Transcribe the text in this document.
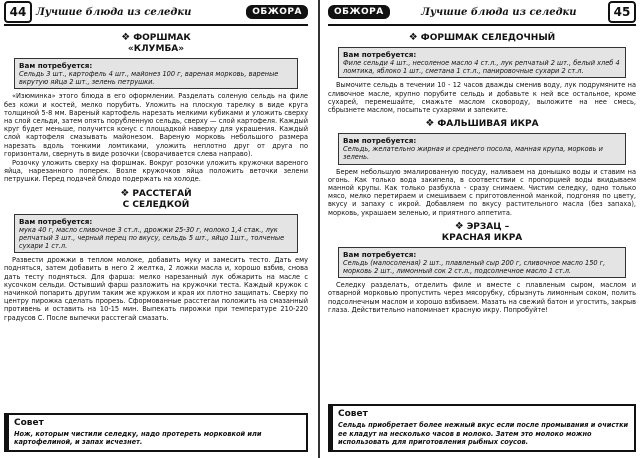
44 Лучшие блюда из селедки	ОБЖОРА
❖ ФОРШМАК
«КЛУМБА»
Вам потребуется:
Сельдь 3 шт., картофель 4 шт., майонез 100 г, вареная морковь, вареные вкрутую яйца 2 шт., зелень петрушки.

«Изюминка» этого блюда в его оформлении. Разделать соленую сельдь на филе без кожи и костей, мелко порубить. Уложить на плоскую тарелку в виде круга толщиной 5-8 мм. Вареный картофель нарезать мелкими кубиками и уложить сверху на слой сельди, затем опять порубленную сельдь, сверху — слой картофеля. Каждый круг будет меньше, получится конус с площадкой наверху для украшения. Каждый слой картофеля смазывать майонезом. Вареную морковь небольшого размера нарезать вдоль тонкими ломтиками, уложить неплотно друг от друга по горизонтали, свернуть в виде розочки (сворачивается слева направо).

Розочку уложить сверху на форшмак. Вокруг розочки уложить кружочки вареного яйца, нарезанного поперек. Возле кружочков яйца положить веточки зелени петрушки. Перед подачей блюдо подержать на холоде.

❖ РАССТЕГАЙ
С СЕЛЕДКОЙ
Вам потребуется:
мука 40 г, масло сливочное 3 ст.л., дрожжи 25-30 г, молоко 1,4 стак., лук репчатый 3 шт., черный перец по вкусу, сельдь 5 шт., яйцо 1шт., толченые сухари 1 ст.л.

Развести дрожжи в теплом молоке, добавить муку и замесить тесто. Дать ему подняться, затем добавить в него 2 желтка, 2 ложки масла и, хорошо взбив, снова дать тесту подняться. Для фарша: мелко нарезанный лук обжарить на масле с кусочком сельди. Остывший фарш разложить на кружочки теста. Каждый кружок с начинкой попарить другим таким же кружком и края их плотно защипать. Сверху по центру пирожка сделать прорезь. Сформованные расстегаи положить на смазанный противень и оставить на 10-15 мин. Выпекать пирожки при температуре 210-220 градусов С. После выпечки расстегай смазать.

Совет
Нож, которым чистили селедку, надо протереть морковкой или картофелиной, и запах исчезнет.
ОБЖОРА	Лучшие блюда из селедки	45
❖ ФОРШМАК СЕЛЕДОЧНЫЙ
Вам потребуется:
Филе сельди 4 шт., несоленое масло 4 ст.л., лук репчатый 2 шт., белый хлеб 4 ломтика, яблоко 1 шт., сметана 1 ст.л., панировочные сухари 2 ст.л.

Вымочите сельдь в течении 10 - 12 часов дважды сменив воду, лук подрумяните на сливочное масле, крупно порубите сельдь и добавьте к ней все остальное, кроме сухарей, перемешайте, смажьте маслом сковороду, выложите на нее смесь, сбрызнете маслом, посыпьте сухарями и запеките.

❖ ФАЛЬШИВАЯ ИКРА
Вам потребуется:
Сельдь, желательно жирная и среднего посола, манная крупа, морковь и зелень.

Берем небольшую эмалированную посуду, наливаем на донышко воды и ставим на огонь. Как только вода закипела, в соответствии с пропорцией воды вкидываем манной крупы. Как только разбухла - сразу снимаем. Чистим селедку, одно только мясо, мелко перетираем и смешиваем с приготовленной манкой, подгоняя по цвету, вкусу и запаху с икрой. Добавляем по вкусу растительного масла (без запаха), морковь, украшаем зеленью, и приятного аппетита.

❖ ЭРЗАЦ –
КРАСНАЯ ИКРА
Вам потребуется:
Сельдь (малосоленая) 2 шт., плавленый сыр 200 г, сливочное масло 150 г, морковь 2 шт., лимонный сок 2 ст.л., подсолнечное масло 1 ст.л.

Селедку разделать, отделить филе и вместе с плавленым сыром, маслом и отварной морковью пропустить через мясорубку, сбрызнуть лимонным соком, полить подсолнечным маслом и хорошо взбиваем. Мазать на свежий батон и угостить, закрыв глаза. Действительно напоминает красную икру. Попробуйте!

Совет
Сельдь приобретает более нежный вкус если после промывания и очистки ее кладут на несколько часов в молоко. Затем это молоко можно использовать для приготовления рыбных соусов.
